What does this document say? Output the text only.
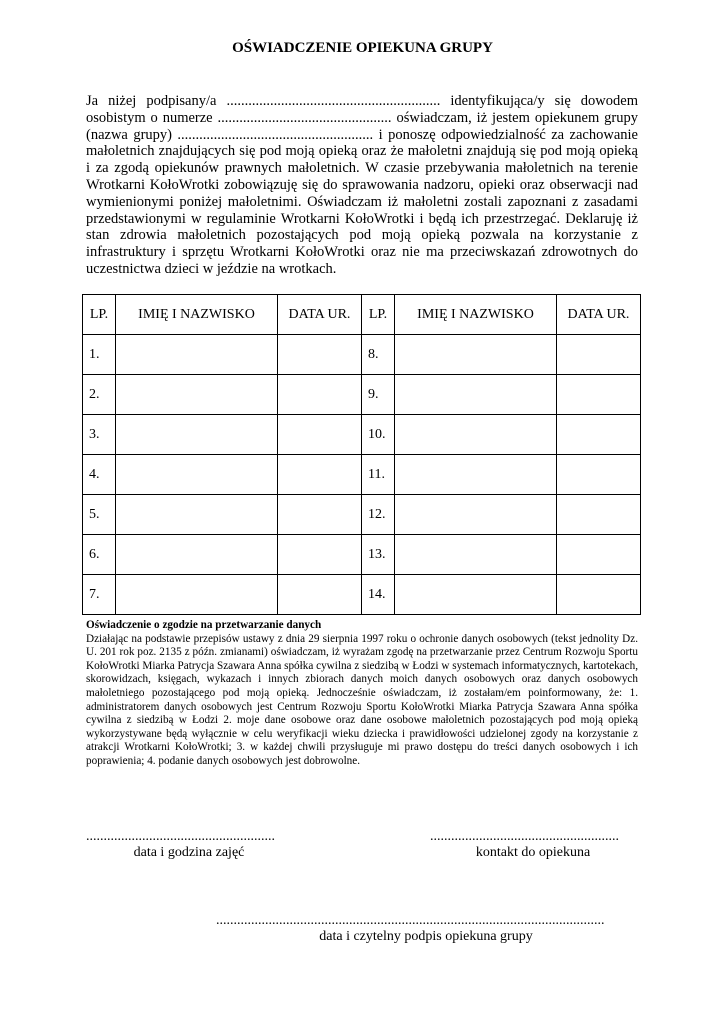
OŚWIADCZENIE OPIEKUNA GRUPY
Ja niżej podpisany/a ........................................................... identyfikująca/y się dowodem osobistym o numerze ................................................ oświadczam, iż jestem opiekunem grupy (nazwa grupy) ...................................................... i ponoszę odpowiedzialność za zachowanie małoletnich znajdujących się pod moją opieką oraz że małoletni znajdują się pod moją opieką i za zgodą opiekunów prawnych małoletnich. W czasie przebywania małoletnich na terenie Wrotkarni KołoWrotki zobowiązuję się do sprawowania nadzoru, opieki oraz obserwacji nad wymienionymi poniżej małoletnimi. Oświadczam iż małoletni zostali zapoznani z zasadami przedstawionymi w regulaminie Wrotkarni KołoWrotki i będą ich przestrzegać. Deklaruję iż stan zdrowia małoletnich pozostających pod moją opieką pozwala na korzystanie z infrastruktury i sprzętu Wrotkarni KołoWrotki oraz nie ma przeciwskazań zdrowotnych do uczestnictwa dzieci w jeździe na wrotkach.
LP.	IMIĘ I NAZWISKO	DATA UR.	LP.	IMIĘ I NAZWISKO	DATA UR.
1.			8.		
2.			9.		
3.			10.		
4.			11.		
5.			12.		
6.			13.		
7.			14.		
Oświadczenie o zgodzie na przetwarzanie danych
Działając na podstawie przepisów ustawy z dnia 29 sierpnia 1997 roku o ochronie danych osobowych (tekst jednolity Dz. U. 201 rok poz. 2135 z późn. zmianami) oświadczam, iż wyrażam zgodę na przetwarzanie przez Centrum Rozwoju Sportu KołoWrotki Miarka Patrycja Szawara Anna spółka cywilna z siedzibą w Łodzi w systemach informatycznych, kartotekach, skorowidzach, księgach, wykazach i innych zbiorach danych moich danych osobowych oraz danych osobowych małoletniego pozostającego pod moją opieką. Jednocześnie oświadczam, iż zostałam/em poinformowany, że: 1. administratorem danych osobowych jest Centrum Rozwoju Sportu KołoWrotki Miarka Patrycja Szawara Anna spółka cywilna z siedzibą w Łodzi 2. moje dane osobowe oraz dane osobowe małoletnich pozostających pod moją opieką wykorzystywane będą wyłącznie w celu weryfikacji wieku dziecka i prawidłowości udzielonej zgody na korzystanie z atrakcji Wrotkarni KołoWrotki; 3. w każdej chwili przysługuje mi prawo dostępu do treści danych osobowych i ich poprawienia; 4. podanie danych osobowych jest dobrowolne.
......................................................
data i godzina zajęć
......................................................
kontakt do opiekuna
...............................................................................................................
data i czytelny podpis opiekuna grupy
